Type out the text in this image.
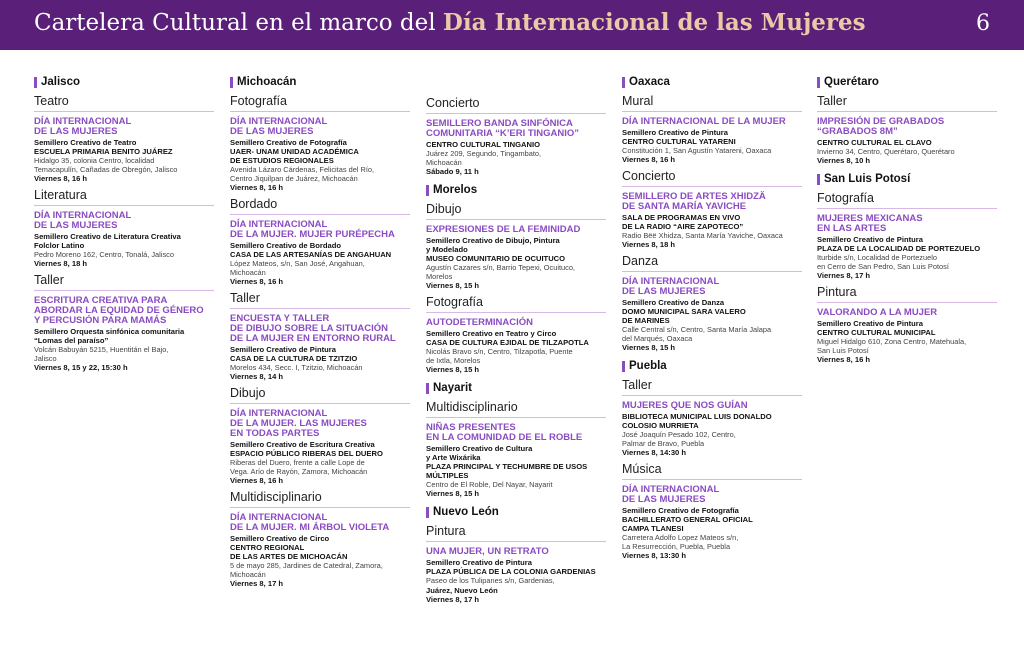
Cartelera Cultural en el marco del Día Internacional de las Mujeres	6
Jalisco
Teatro
DÍA INTERNACIONAL
DE LAS MUJERES
Semillero Creativo de Teatro
ESCUELA PRIMARIA BENITO JUÁREZ
Hidalgo 35, colonia Centro, localidad
Temacapulín, Cañadas de Obregón, Jalisco
Viernes 8, 16 h
Literatura
DÍA INTERNACIONAL
DE LAS MUJERES
Semillero Creativo de Literatura Creativa
Folclor Latino
Pedro Moreno 162, Centro, Tonalá, Jalisco
Viernes 8, 18 h
Taller
ESCRITURA CREATIVA PARA
ABORDAR LA EQUIDAD DE GÉNERO
Y PERCUSIÓN PARA MAMÁS
Semillero Orquesta sinfónica comunitaria
“Lomas del paraíso”
Volcán Babuyán 5215, Huentitán el Bajo,
Jalisco
Viernes 8, 15 y 22, 15:30 h
Michoacán
Fotografía
DÍA INTERNACIONAL
DE LAS MUJERES
Semillero Creativo de Fotografía
UAER- UNAM UNIDAD ACADÉMICA
DE ESTUDIOS REGIONALES
Avenida Lázaro Cárdenas, Felicitas del Río,
Centro Jiquilpan de Juárez, Michoacán
Viernes 8, 16 h
Bordado
DÍA INTERNACIONAL
DE LA MUJER. MUJER PURÉPECHA
Semillero Creativo de Bordado
CASA DE LAS ARTESANÍAS DE ANGAHUAN
López Mateos, s/n, San José, Angahuan,
Michoacán
Viernes 8, 16 h
Taller
ENCUESTA Y TALLER
DE DIBUJO SOBRE LA SITUACIÓN
DE LA MUJER EN ENTORNO RURAL
Semillero Creativo de Pintura
CASA DE LA CULTURA DE TZITZIO
Morelos 434, Secc. I, Tzitzio, Michoacán
Viernes 8, 14 h
Dibujo
DÍA INTERNACIONAL
DE LA MUJER. LAS MUJERES
EN TODAS PARTES
Semillero Creativo de Escritura Creativa
ESPACIO PÚBLICO RIBERAS DEL DUERO
Riberas del Duero, frente a calle Lope de
Vega. Arío de Rayón, Zamora, Michoacán
Viernes 8, 16 h
Multidisciplinario
DÍA INTERNACIONAL
DE LA MUJER. MI ÁRBOL VIOLETA
Semillero Creativo de Circo
CENTRO REGIONAL
DE LAS ARTES DE MICHOACÁN
5 de mayo 285, Jardines de Catedral, Zamora,
Michoacán
Viernes 8, 17 h
Concierto
SEMILLERO BANDA SINFÓNICA
COMUNITARIA “K’ERI TINGANIO”
CENTRO CULTURAL TINGANIO
Juárez 209, Segundo, Tingambato,
Michoacán
Sábado 9, 11 h
Morelos
Dibujo
EXPRESIONES DE LA FEMINIDAD
Semillero Creativo de Dibujo, Pintura
y Modelado
MUSEO COMUNITARIO DE OCUITUCO
Agustín Cazares s/n, Barrio Tepexi, Ocuituco,
Morelos
Viernes 8, 15 h
Fotografía
AUTODETERMINACIÓN
Semillero Creativo en Teatro y Circo
CASA DE CULTURA EJIDAL DE TILZAPOTLA
Nicolás Bravo s/n, Centro, Tilzapotla, Puente
de Ixtla, Morelos
Viernes 8, 15 h
Nayarit
Multidisciplinario
NIÑAS PRESENTES
EN LA COMUNIDAD DE EL ROBLE
Semillero Creativo de Cultura
y Arte Wixárika
PLAZA PRINCIPAL Y TECHUMBRE DE USOS
MÚLTIPLES
Centro de El Roble, Del Nayar, Nayarit
Viernes 8, 15 h
Nuevo León
Pintura
UNA MUJER, UN RETRATO
Semillero Creativo de Pintura
PLAZA PÚBLICA DE LA COLONIA GARDENIAS
Paseo de los Tulipanes s/n, Gardenias,
Juárez, Nuevo León
Viernes 8, 17 h
Oaxaca
Mural
DÍA INTERNACIONAL DE LA MUJER
Semillero Creativo de Pintura
CENTRO CULTURAL YATARENI
Constitución 1, San Agustín Yatareni, Oaxaca
Viernes 8, 16 h
Concierto
SEMILLERO DE ARTES XHIDZÄ
DE SANTA MARÍA YAVICHE
SALA DE PROGRAMAS EN VIVO
DE LA RADIO “AIRE ZAPOTECO”
Radio Bëë Xhidza, Santa María Yaviche, Oaxaca
Viernes 8, 18 h
Danza
DÍA INTERNACIONAL
DE LAS MUJERES
Semillero Creativo de Danza
DOMO MUNICIPAL SARA VALERO
DE MARINES
Calle Central s/n, Centro, Santa María Jalapa
del Marqués, Oaxaca
Viernes 8, 15 h
Puebla
Taller
MUJERES QUE NOS GUÍAN
BIBLIOTECA MUNICIPAL LUIS DONALDO
COLOSIO MURRIETA
José Joaquín Pesado 102, Centro,
Palmar de Bravo, Puebla
Viernes 8, 14:30 h
Música
DÍA INTERNACIONAL
DE LAS MUJERES
Semillero Creativo de Fotografía
BACHILLERATO GENERAL OFICIAL
CAMPA TLANESI
Carretera Adolfo Lopez Mateos s/n,
La Resurrección, Puebla, Puebla
Viernes 8, 13:30 h
Querétaro
Taller
IMPRESIÓN DE GRABADOS
“GRABADOS 8M”
CENTRO CULTURAL EL CLAVO
Invierno 34, Centro, Querétaro, Querétaro
Viernes 8, 10 h
San Luis Potosí
Fotografía
MUJERES MEXICANAS
EN LAS ARTES
Semillero Creativo de Pintura
PLAZA DE LA LOCALIDAD DE PORTEZUELO
Iturbide s/n, Localidad de Portezuelo
en Cerro de San Pedro, San Luis Potosí
Viernes 8, 17 h
Pintura
VALORANDO A LA MUJER
Semillero Creativo de Pintura
CENTRO CULTURAL MUNICIPAL
Miguel Hidalgo 610, Zona Centro, Matehuala,
San Luis Potosí
Viernes 8, 16 h
